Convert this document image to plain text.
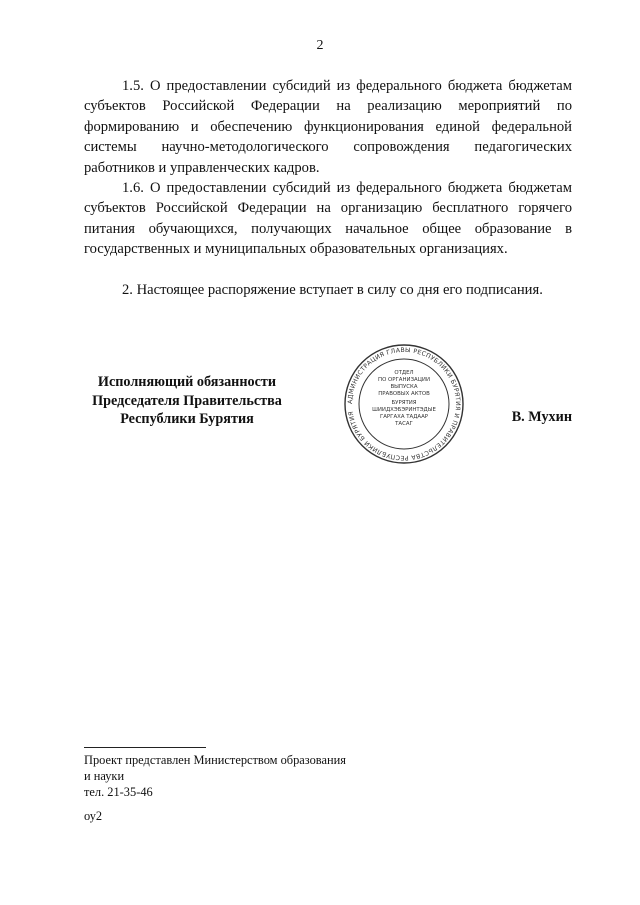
2

1.5. О предоставлении субсидий из федерального бюджета бюджетам субъектов Российской Федерации на реализацию мероприятий по формированию и обеспечению функционирования единой федеральной системы научно-методологического сопровождения педагогических работников и управленческих кадров.

1.6. О предоставлении субсидий из федерального бюджета бюджетам субъектов Российской Федерации на организацию бесплатного горячего питания обучающихся, получающих начальное общее образование в государственных и муниципальных образовательных организациях.

2. Настоящее распоряжение вступает в силу со дня его подписания.

Исполняющий обязанности
Председателя Правительства
Республики Бурятия
АДМИНИСТРАЦИЯ ГЛАВЫ РЕСПУБЛИКИ БУРЯТИЯ И ПРАВИТЕЛЬСТВА РЕСПУБЛИКИ БУРЯТИЯ
ОТДЕЛ
ПО ОРГАНИЗАЦИИ
ВЫПУСКА
ПРАВОВЫХ АКТОВ
БУРЯТИЯ
ШИИДХЭБЭРИНТЭДЫЕ
ГАРГАХА ТАДААР
ТАСАГ	В. Мухин
Проект представлен Министерством образования
и науки
тел. 21-35-46
оу2
